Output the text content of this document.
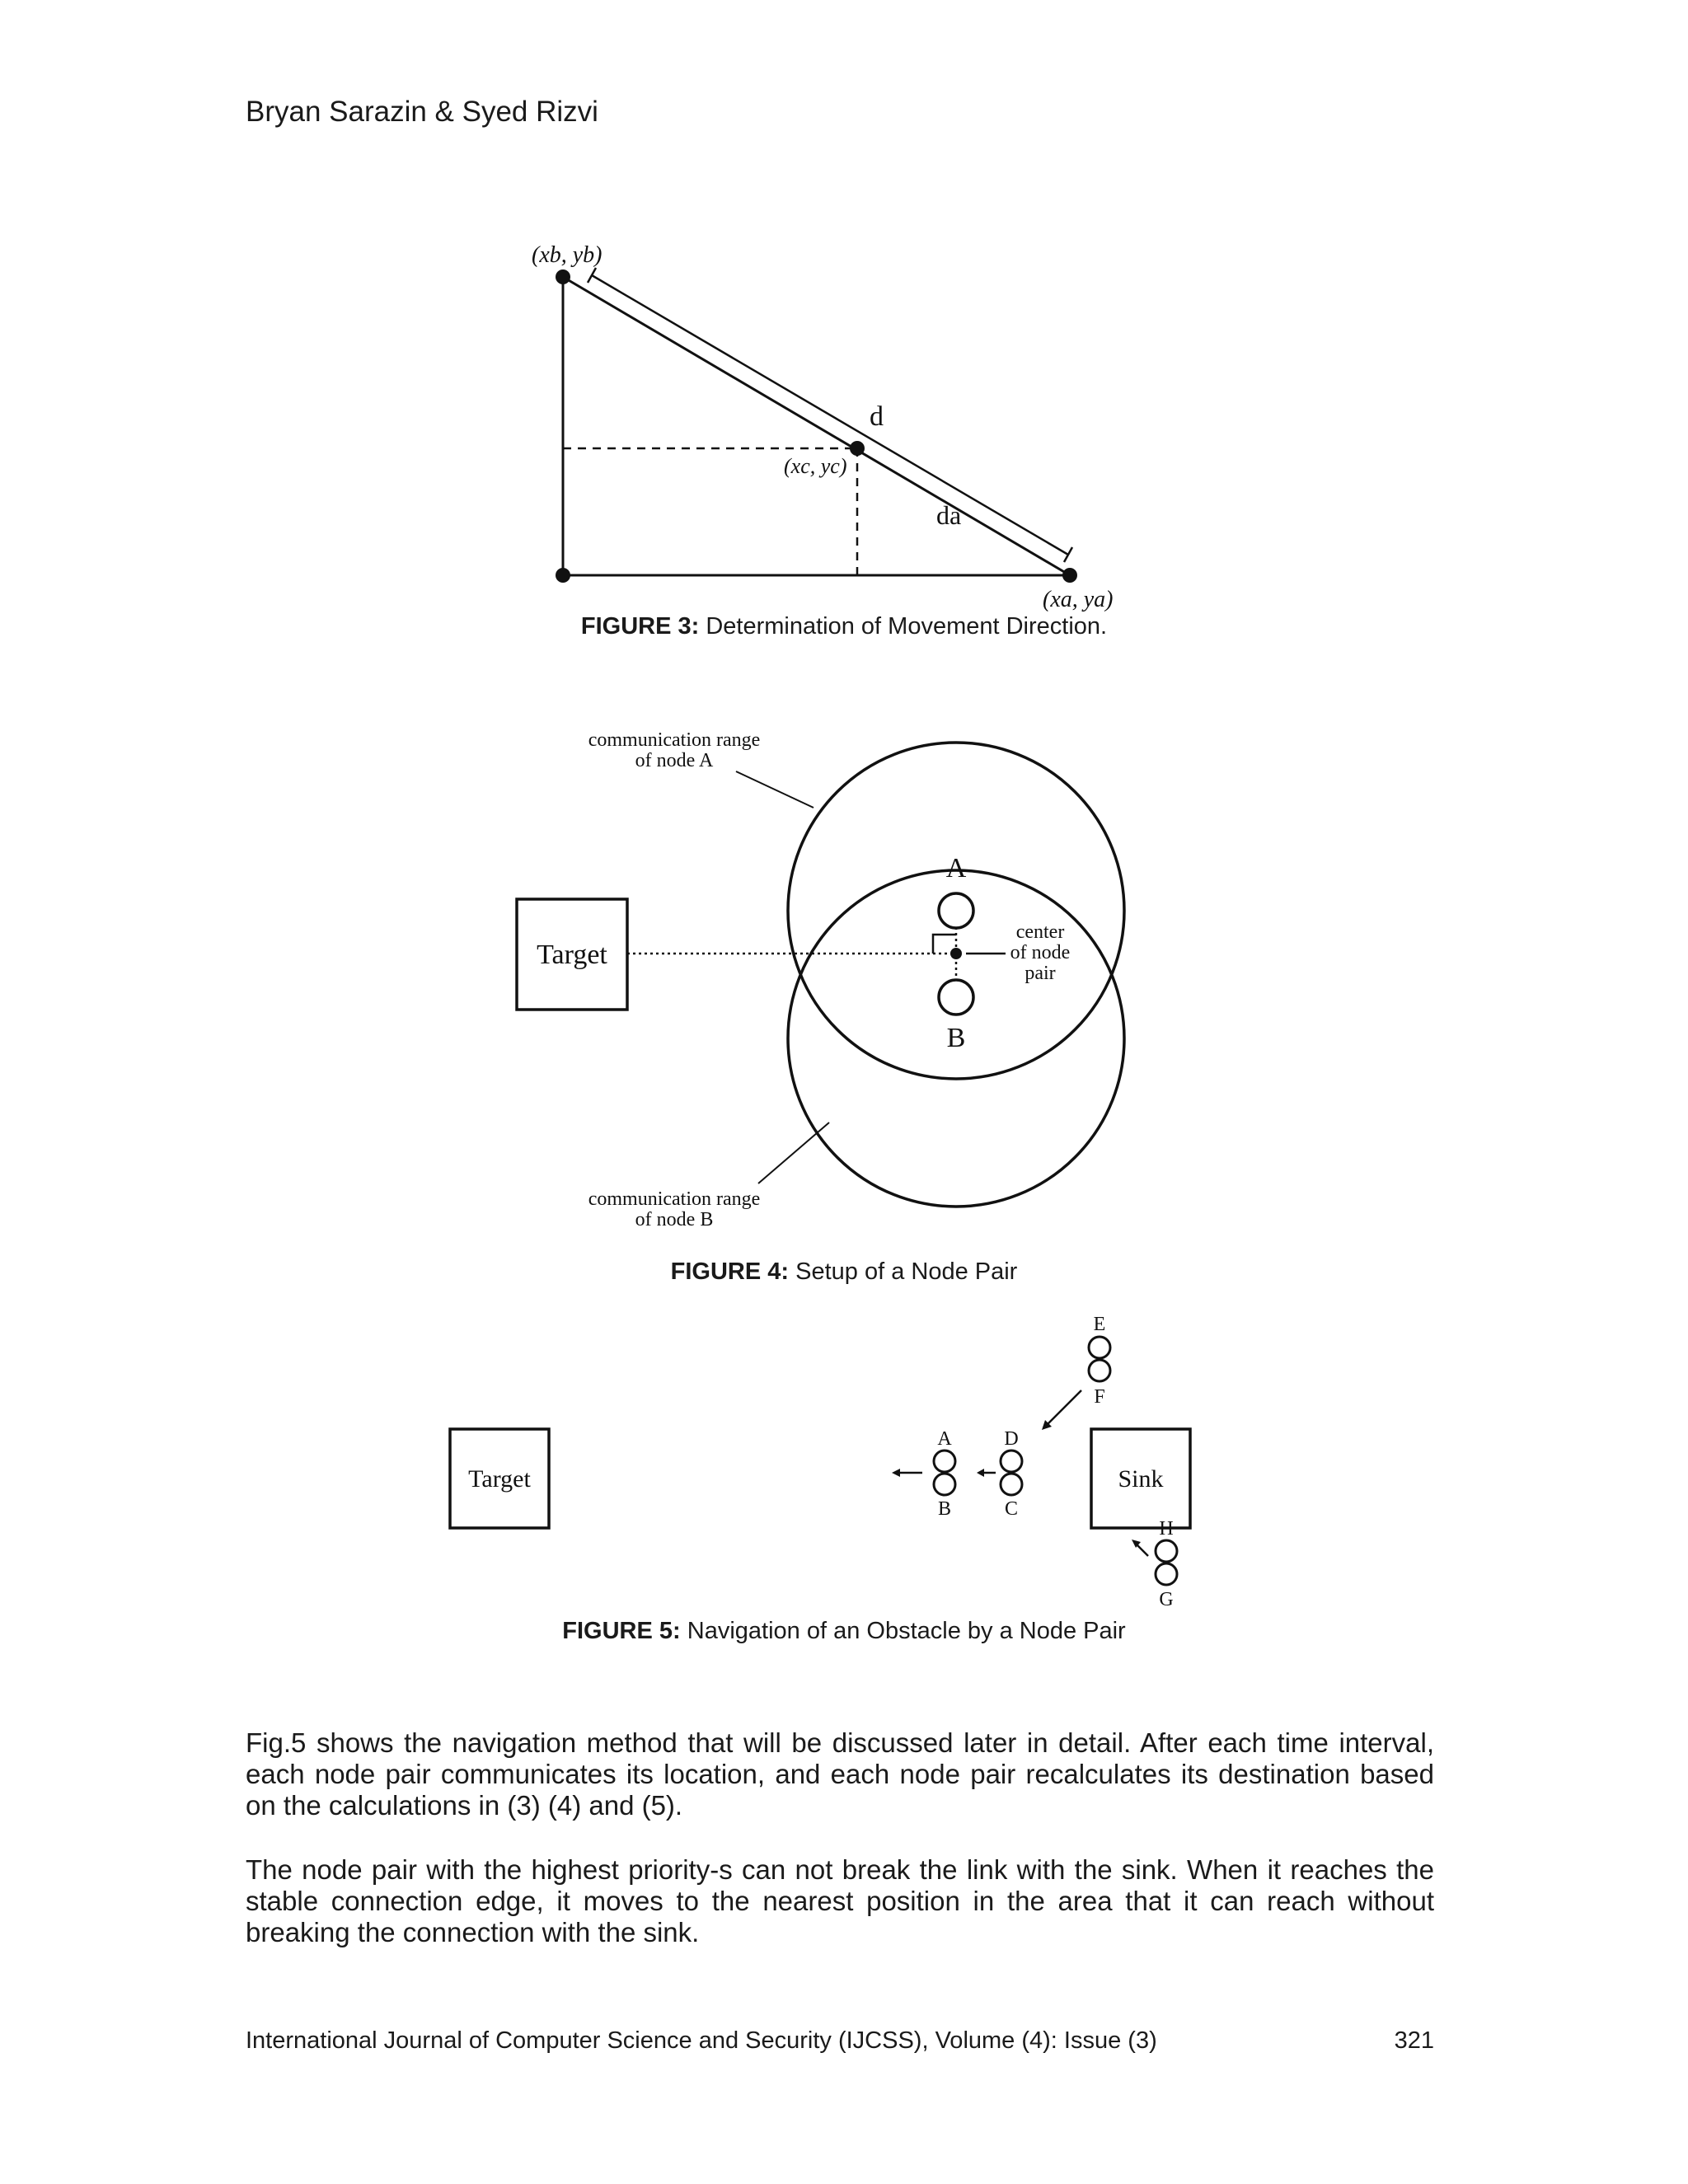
Bryan Sarazin & Syed Rizvi
(xb, yb)
(xc, yc)
(xa, ya)
d
da
FIGURE 3: Determination of Movement Direction.
Target
A
B
center
of node
pair
communication range
of node A
communication range
of node B
FIGURE 4: Setup of a Node Pair
Target	Sink
A
B
D
C
E
F
H
G
FIGURE 5: Navigation of an Obstacle by a Node Pair
Fig.5 shows the navigation method that will be discussed later in detail. After each time interval, each node pair communicates its location, and each node pair recalculates its destination based on the calculations in (3) (4) and (5).
The node pair with the highest priority-s can not break the link with the sink. When it reaches the stable connection edge, it moves to the nearest position in the area that it can reach without breaking the connection with the sink.
International Journal of Computer Science and Security (IJCSS), Volume (4): Issue (3)	321
